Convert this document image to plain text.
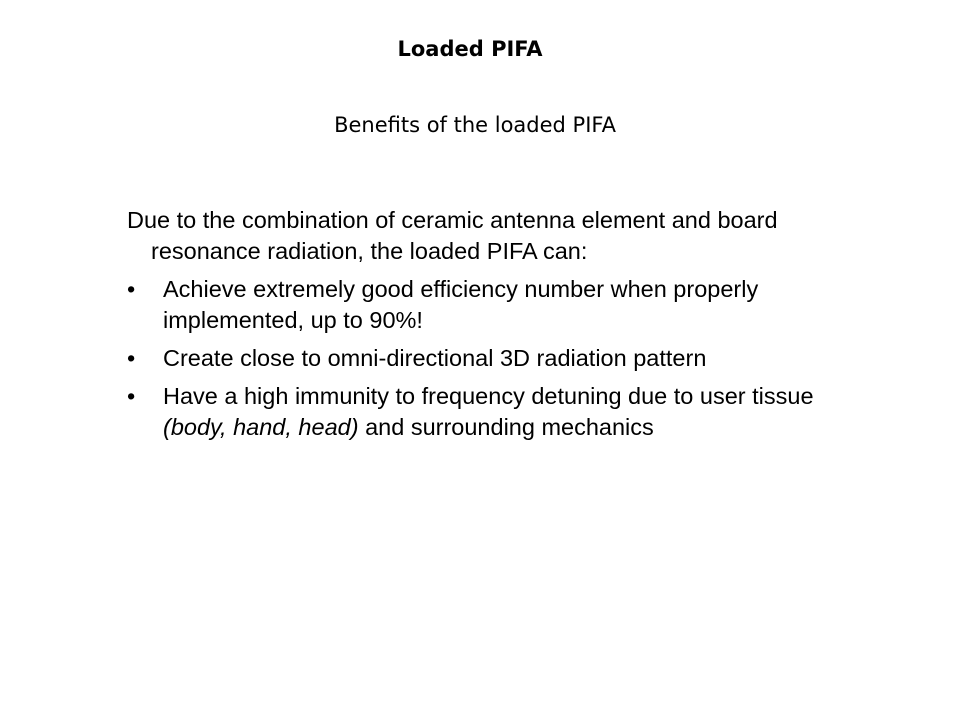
Loaded PIFA
Benefits of the loaded PIFA

Due to the combination of ceramic antenna element and board resonance radiation, the loaded PIFA can:

• Achieve extremely good efficiency number when properly implemented, up to 90%!
• Create close to omni-directional 3D radiation pattern
• Have a high immunity to frequency detuning due to user tissue (body, hand, head) and surrounding mechanics
